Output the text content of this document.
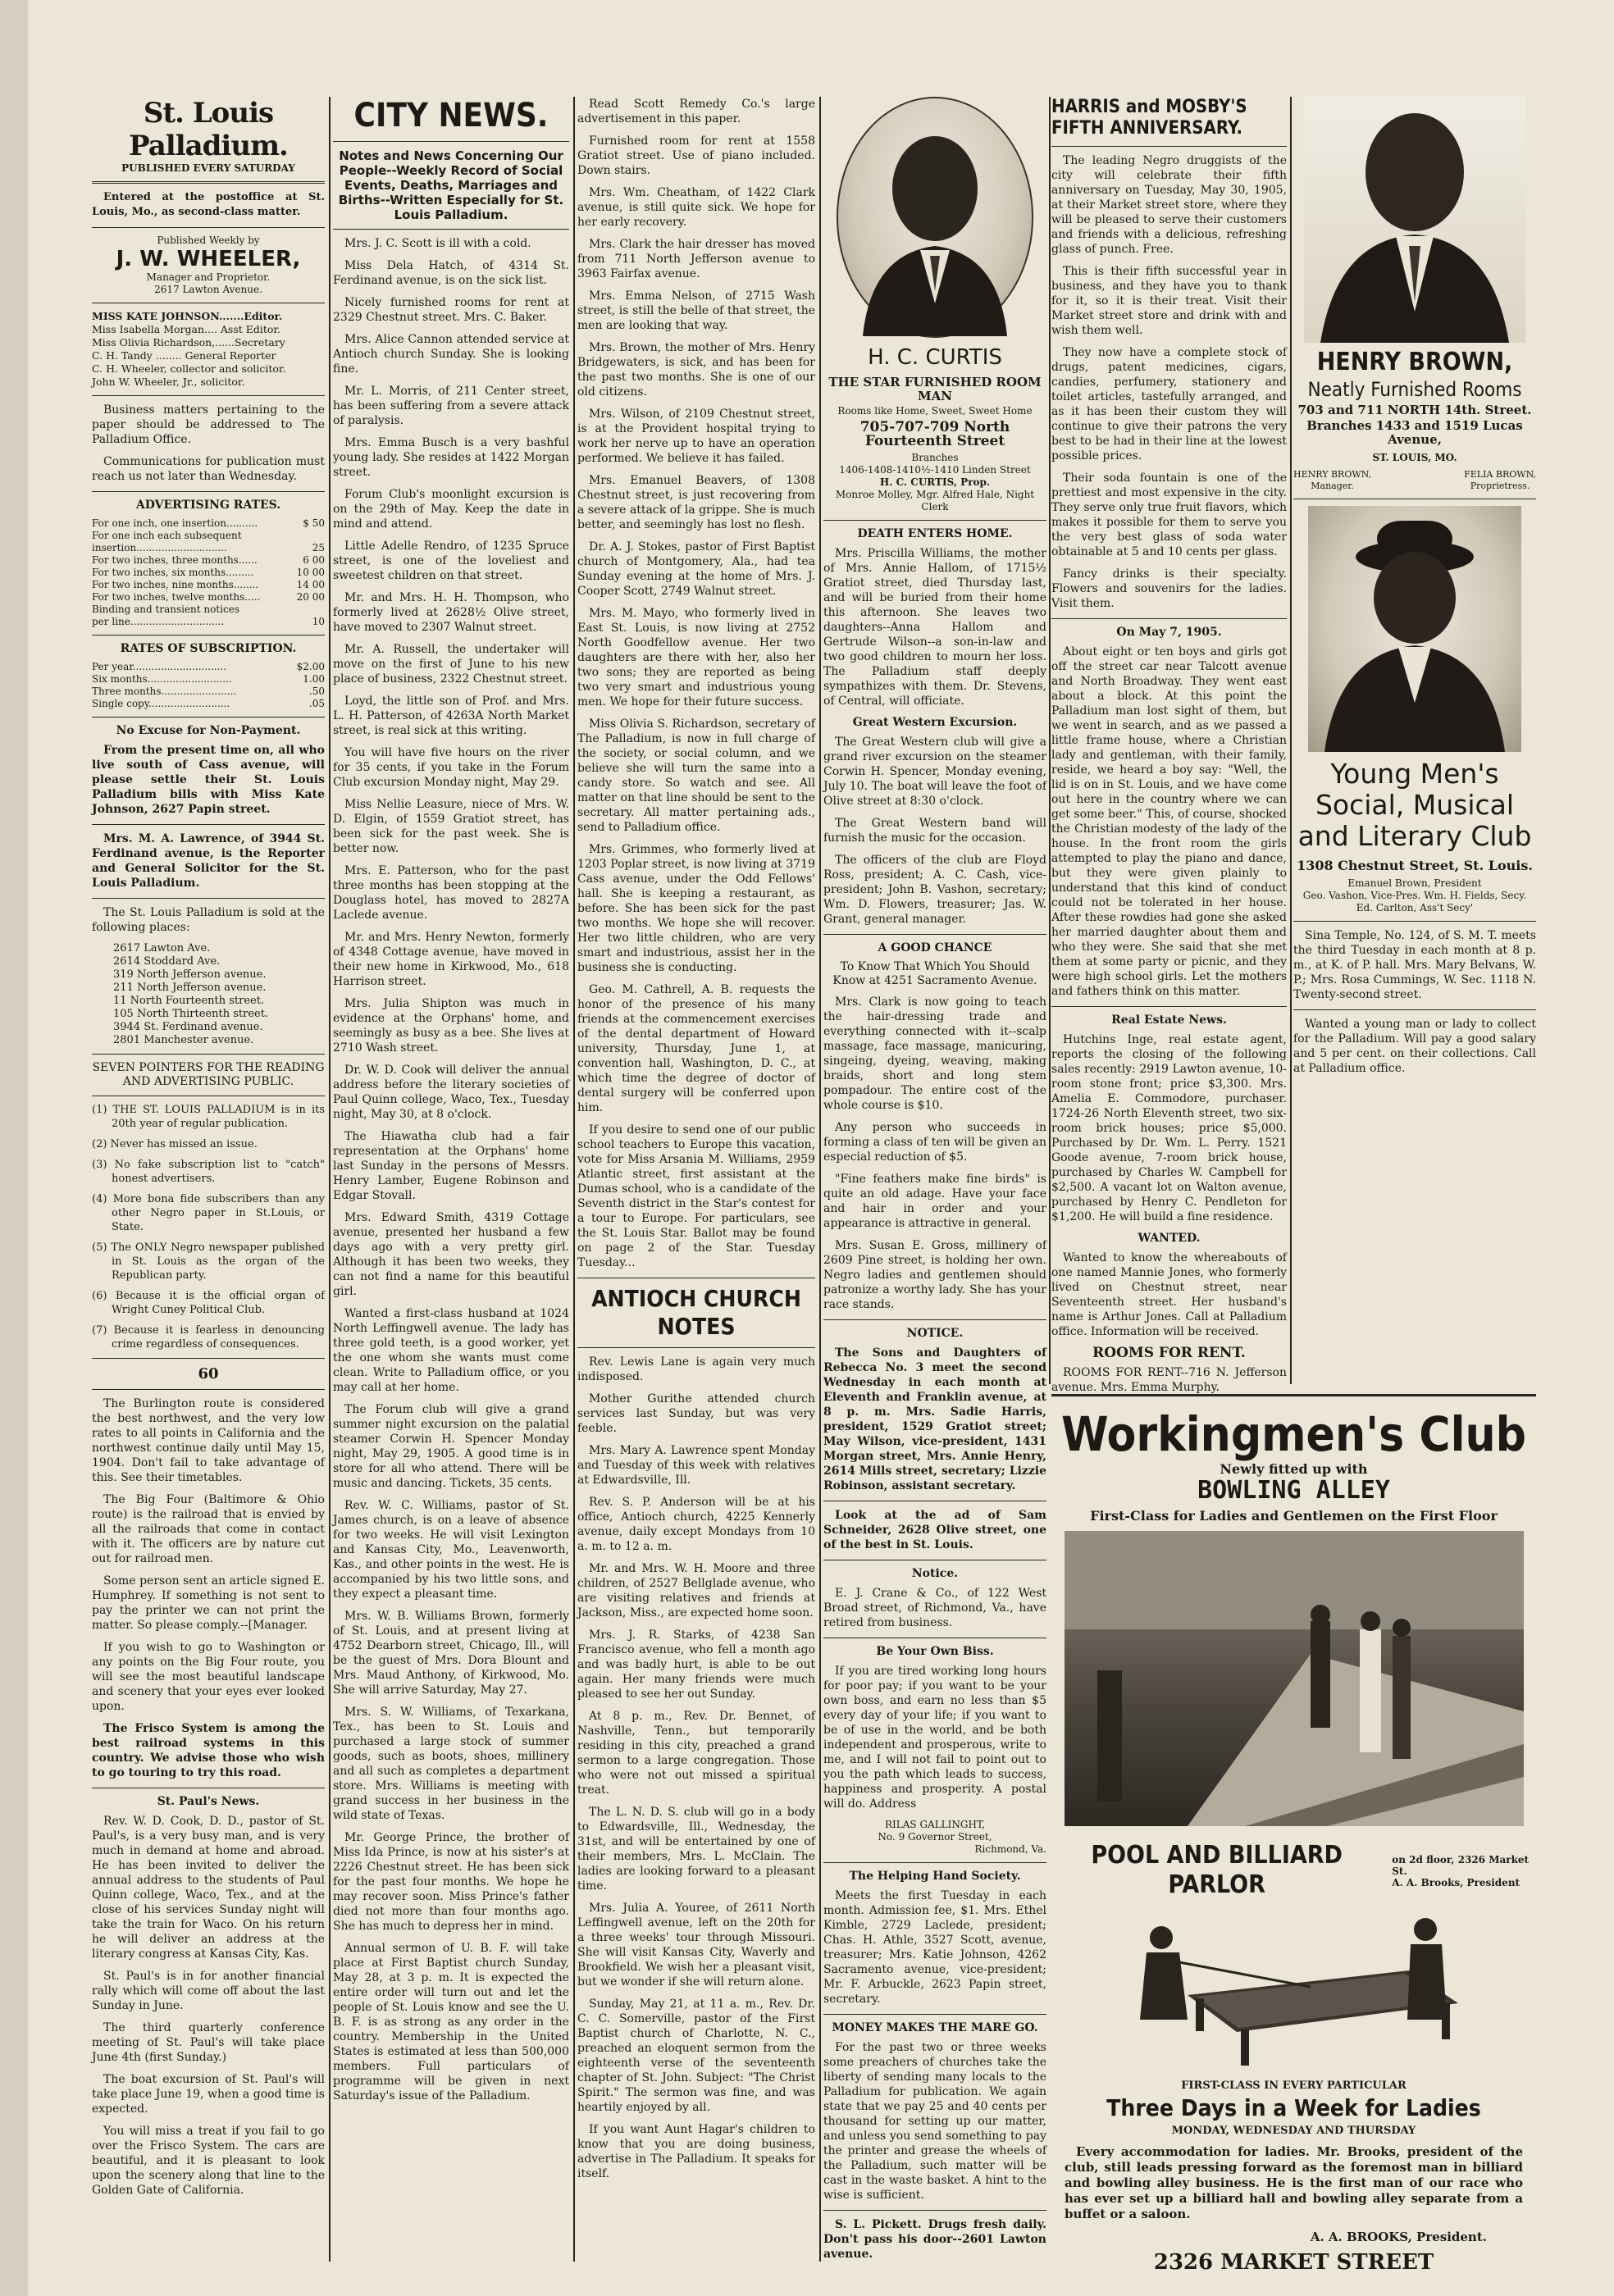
St. Louis Palladium.
PUBLISHED EVERY SATURDAY

Entered at the postoffice at St. Louis, Mo., as second-class matter.

Published Weekly by
J. W. WHEELER,
Manager and Proprietor.
2617 Lawton Avenue.
MISS KATE JOHNSON.......Editor.
Miss Isabella Morgan.... Asst Editor.
Miss Olivia Richardson,......Secretary
C. H. Tandy ........ General Reporter
C. H. Wheeler, collector and solicitor.
John W. Wheeler, Jr., solicitor.

Business matters pertaining to the paper should be addressed to The Palladium Office.

Communications for publication must reach us not later than Wednesday.

ADVERTISING RATES.
For one inch, one insertion..........	$ 50
For one inch each subsequent	
insertion.............................	25
For two inches, three months......	6 00
For two inches, six months.........	10 00
For two inches, nine months........	14 00
For two inches, twelve months.....	20 00
Binding and transient notices	
per line..............................	10
RATES OF SUBSCRIPTION.
Per year..............................	$2.00
Six months...........................	1.00
Three months........................	.50
Single copy..........................	.05
No Excuse for Non-Payment.

From the present time on, all who live south of Cass avenue, will please settle their St. Louis Palladium bills with Miss Kate Johnson, 2627 Papin street.

Mrs. M. A. Lawrence, of 3944 St. Ferdinand avenue, is the Reporter and General Solicitor for the St. Louis Palladium.

The St. Louis Palladium is sold at the following places:

2617 Lawton Ave.
2614 Stoddard Ave.
319 North Jefferson avenue.
211 North Jefferson avenue.
11 North Fourteenth street.
105 North Thirteenth street.
3944 St. Ferdinand avenue.
2801 Manchester avenue.
SEVEN POINTERS FOR THE READING AND ADVERTISING PUBLIC.
(1) THE ST. LOUIS PALLADIUM is in its 20th year of regular publication.
(2) Never has missed an issue.
(3) No fake subscription list to "catch" honest advertisers.
(4) More bona fide subscribers than any other Negro paper in St.Louis, or State.
(5) The ONLY Negro newspaper published in St. Louis as the organ of the Republican party.
(6) Because it is the official organ of Wright Cuney Political Club.
(7) Because it is fearless in denouncing crime regardless of consequences.
60

The Burlington route is considered the best northwest, and the very low rates to all points in California and the northwest continue daily until May 15, 1904. Don't fail to take advantage of this. See their timetables.

The Big Four (Baltimore & Ohio route) is the railroad that is envied by all the railroads that come in contact with it. The officers are by nature cut out for railroad men.

Some person sent an article signed E. Humphrey. If something is not sent to pay the printer we can not print the matter. So please comply.--[Manager.

If you wish to go to Washington or any points on the Big Four route, you will see the most beautiful landscape and scenery that your eyes ever looked upon.

The Frisco System is among the best railroad systems in this country. We advise those who wish to go touring to try this road.

St. Paul's News.

Rev. W. D. Cook, D. D., pastor of St. Paul's, is a very busy man, and is very much in demand at home and abroad. He has been invited to deliver the annual address to the students of Paul Quinn college, Waco, Tex., and at the close of his services Sunday night will take the train for Waco. On his return he will deliver an address at the literary congress at Kansas City, Kas.

St. Paul's is in for another financial rally which will come off about the last Sunday in June.

The third quarterly conference meeting of St. Paul's will take place June 4th (first Sunday.)

The boat excursion of St. Paul's will take place June 19, when a good time is expected.

You will miss a treat if you fail to go over the Frisco System. The cars are beautiful, and it is pleasant to look upon the scenery along that line to the Golden Gate of California.

CITY NEWS.
Notes and News Concerning Our People--Weekly Record of Social Events, Deaths, Marriages and Births--Written Especially for St. Louis Palladium.

Mrs. J. C. Scott is ill with a cold.

Miss Dela Hatch, of 4314 St. Ferdinand avenue, is on the sick list.

Nicely furnished rooms for rent at 2329 Chestnut street. Mrs. C. Baker.

Mrs. Alice Cannon attended service at Antioch church Sunday. She is looking fine.

Mr. L. Morris, of 211 Center street, has been suffering from a severe attack of paralysis.

Mrs. Emma Busch is a very bashful young lady. She resides at 1422 Morgan street.

Forum Club's moonlight excursion is on the 29th of May. Keep the date in mind and attend.

Little Adelle Rendro, of 1235 Spruce street, is one of the loveliest and sweetest children on that street.

Mr. and Mrs. H. H. Thompson, who formerly lived at 2628½ Olive street, have moved to 2307 Walnut street.

Mr. A. Russell, the undertaker will move on the first of June to his new place of business, 2322 Chestnut street.

Loyd, the little son of Prof. and Mrs. L. H. Patterson, of 4263A North Market street, is real sick at this writing.

You will have five hours on the river for 35 cents, if you take in the Forum Club excursion Monday night, May 29.

Miss Nellie Leasure, niece of Mrs. W. D. Elgin, of 1559 Gratiot street, has been sick for the past week. She is better now.

Mrs. E. Patterson, who for the past three months has been stopping at the Douglass hotel, has moved to 2827A Laclede avenue.

Mr. and Mrs. Henry Newton, formerly of 4348 Cottage avenue, have moved in their new home in Kirkwood, Mo., 618 Harrison street.

Mrs. Julia Shipton was much in evidence at the Orphans' home, and seemingly as busy as a bee. She lives at 2710 Wash street.

Dr. W. D. Cook will deliver the annual address before the literary societies of Paul Quinn college, Waco, Tex., Tuesday night, May 30, at 8 o'clock.

The Hiawatha club had a fair representation at the Orphans' home last Sunday in the persons of Messrs. Henry Lamber, Eugene Robinson and Edgar Stovall.

Mrs. Edward Smith, 4319 Cottage avenue, presented her husband a few days ago with a very pretty girl. Although it has been two weeks, they can not find a name for this beautiful girl.

Wanted a first-class husband at 1024 North Leffingwell avenue. The lady has three gold teeth, is a good worker, yet the one whom she wants must come clean. Write to Palladium office, or you may call at her home.

The Forum club will give a grand summer night excursion on the palatial steamer Corwin H. Spencer Monday night, May 29, 1905. A good time is in store for all who attend. There will be music and dancing. Tickets, 35 cents.

Rev. W. C. Williams, pastor of St. James church, is on a leave of absence for two weeks. He will visit Lexington and Kansas City, Mo., Leavenworth, Kas., and other points in the west. He is accompanied by his two little sons, and they expect a pleasant time.

Mrs. W. B. Williams Brown, formerly of St. Louis, and at present living at 4752 Dearborn street, Chicago, Ill., will be the guest of Mrs. Dora Blount and Mrs. Maud Anthony, of Kirkwood, Mo. She will arrive Saturday, May 27.

Mrs. S. W. Williams, of Texarkana, Tex., has been to St. Louis and purchased a large stock of summer goods, such as boots, shoes, millinery and all such as completes a department store. Mrs. Williams is meeting with grand success in her business in the wild state of Texas.

Mr. George Prince, the brother of Miss Ida Prince, is now at his sister's at 2226 Chestnut street. He has been sick for the past four months. We hope he may recover soon. Miss Prince's father died not more than four months ago. She has much to depress her in mind.

Annual sermon of U. B. F. will take place at First Baptist church Sunday, May 28, at 3 p. m. It is expected the entire order will turn out and let the people of St. Louis know and see the U. B. F. is as strong as any order in the country. Membership in the United States is estimated at less than 500,000 members. Full particulars of programme will be given in next Saturday's issue of the Palladium.

Read Scott Remedy Co.'s large advertisement in this paper.

Furnished room for rent at 1558 Gratiot street. Use of piano included. Down stairs.

Mrs. Wm. Cheatham, of 1422 Clark avenue, is still quite sick. We hope for her early recovery.

Mrs. Clark the hair dresser has moved from 711 North Jefferson avenue to 3963 Fairfax avenue.

Mrs. Emma Nelson, of 2715 Wash street, is still the belle of that street, the men are looking that way.

Mrs. Brown, the mother of Mrs. Henry Bridgewaters, is sick, and has been for the past two months. She is one of our old citizens.

Mrs. Wilson, of 2109 Chestnut street, is at the Provident hospital trying to work her nerve up to have an operation performed. We believe it has failed.

Mrs. Emanuel Beavers, of 1308 Chestnut street, is just recovering from a severe attack of la grippe. She is much better, and seemingly has lost no flesh.

Dr. A. J. Stokes, pastor of First Baptist church of Montgomery, Ala., had tea Sunday evening at the home of Mrs. J. Cooper Scott, 2749 Walnut street.

Mrs. M. Mayo, who formerly lived in East St. Louis, is now living at 2752 North Goodfellow avenue. Her two daughters are there with her, also her two sons; they are reported as being two very smart and industrious young men. We hope for their future success.

Miss Olivia S. Richardson, secretary of The Palladium, is now in full charge of the society, or social column, and we believe she will turn the same into a candy store. So watch and see. All matter on that line should be sent to the secretary. All matter pertaining ads., send to Palladium office.

Mrs. Grimmes, who formerly lived at 1203 Poplar street, is now living at 3719 Cass avenue, under the Odd Fellows' hall. She is keeping a restaurant, as before. She has been sick for the past two months. We hope she will recover. Her two little children, who are very smart and industrious, assist her in the business she is conducting.

Geo. M. Cathrell, A. B. requests the honor of the presence of his many friends at the commencement exercises of the dental department of Howard university, Thursday, June 1, at convention hall, Washington, D. C., at which time the degree of doctor of dental surgery will be conferred upon him.

If you desire to send one of our public school teachers to Europe this vacation, vote for Miss Arsania M. Williams, 2959 Atlantic street, first assistant at the Dumas school, who is a candidate of the Seventh district in the Star's contest for a tour to Europe. For particulars, see the St. Louis Star. Ballot may be found on page 2 of the Star. Tuesday Tuesday...

ANTIOCH CHURCH NOTES

Rev. Lewis Lane is again very much indisposed.

Mother Gurithe attended church services last Sunday, but was very feeble.

Mrs. Mary A. Lawrence spent Monday and Tuesday of this week with relatives at Edwardsville, Ill.

Rev. S. P. Anderson will be at his office, Antioch church, 4225 Kennerly avenue, daily except Mondays from 10 a. m. to 12 a. m.

Mr. and Mrs. W. H. Moore and three children, of 2527 Bellglade avenue, who are visiting relatives and friends at Jackson, Miss., are expected home soon.

Mrs. J. R. Starks, of 4238 San Francisco avenue, who fell a month ago and was badly hurt, is able to be out again. Her many friends were much pleased to see her out Sunday.

At 8 p. m., Rev. Dr. Bennet, of Nashville, Tenn., but temporarily residing in this city, preached a grand sermon to a large congregation. Those who were not out missed a spiritual treat.

The L. N. D. S. club will go in a body to Edwardsville, Ill., Wednesday, the 31st, and will be entertained by one of their members, Mrs. L. McClain. The ladies are looking forward to a pleasant time.

Mrs. Julia A. Youree, of 2611 North Leffingwell avenue, left on the 20th for a three weeks' tour through Missouri. She will visit Kansas City, Waverly and Brookfield. We wish her a pleasant visit, but we wonder if she will return alone.

Sunday, May 21, at 11 a. m., Rev. Dr. C. C. Somerville, pastor of the First Baptist church of Charlotte, N. C., preached an eloquent sermon from the eighteenth verse of the seventeenth chapter of St. John. Subject: "The Christ Spirit." The sermon was fine, and was heartily enjoyed by all.

If you want Aunt Hagar's children to know that you are doing business, advertise in The Palladium. It speaks for itself.

H. C. CURTIS
THE STAR FURNISHED ROOM MAN
Rooms like Home, Sweet, Sweet Home
705-707-709 North Fourteenth Street
Branches
1406-1408-1410½-1410 Linden Street
H. C. CURTIS, Prop.
Monroe Molley, Mgr. Alfred Hale, Night Clerk
DEATH ENTERS HOME.

Mrs. Priscilla Williams, the mother of Mrs. Annie Hallom, of 1715½ Gratiot street, died Thursday last, and will be buried from their home this afternoon. She leaves two daughters--Anna Hallom and Gertrude Wilson--a son-in-law and two good children to mourn her loss. The Palladium staff deeply sympathizes with them. Dr. Stevens, of Central, will officiate.

Great Western Excursion.

The Great Western club will give a grand river excursion on the steamer Corwin H. Spencer, Monday evening, July 10. The boat will leave the foot of Olive street at 8:30 o'clock.

The Great Western band will furnish the music for the occasion.

The officers of the club are Floyd Ross, president; A. C. Cash, vice-president; John B. Vashon, secretary; Wm. D. Flowers, treasurer; Jas. W. Grant, general manager.

A GOOD CHANCE
To Know That Which You Should Know at 4251 Sacramento Avenue.

Mrs. Clark is now going to teach the hair-dressing trade and everything connected with it--scalp massage, face massage, manicuring, singeing, dyeing, weaving, making braids, short and long stem pompadour. The entire cost of the whole course is $10.

Any person who succeeds in forming a class of ten will be given an especial reduction of $5.

"Fine feathers make fine birds" is quite an old adage. Have your face and hair in order and your appearance is attractive in general.

Mrs. Susan E. Gross, millinery of 2609 Pine street, is holding her own. Negro ladies and gentlemen should patronize a worthy lady. She has your race stands.

NOTICE.

The Sons and Daughters of Rebecca No. 3 meet the second Wednesday in each month at Eleventh and Franklin avenue, at 8 p. m. Mrs. Sadie Harris, president, 1529 Gratiot street; May Wilson, vice-president, 1431 Morgan street, Mrs. Annie Henry, 2614 Mills street, secretary; Lizzie Robinson, assistant secretary.

Look at the ad of Sam Schneider, 2628 Olive street, one of the best in St. Louis.

Notice.

E. J. Crane & Co., of 122 West Broad street, of Richmond, Va., have retired from business.

Be Your Own Biss.

If you are tired working long hours for poor pay; if you want to be your own boss, and earn no less than $5 every day of your life; if you want to be of use in the world, and be both independent and prosperous, write to me, and I will not fail to point out to you the path which leads to success, happiness and prosperity. A postal will do. Address

RILAS GALLINGHT,
No. 9 Governor Street,
Richmond, Va.
The Helping Hand Society.

Meets the first Tuesday in each month. Admission fee, $1. Mrs. Ethel Kimble, 2729 Laclede, president; Chas. H. Athle, 3527 Scott, avenue, treasurer; Mrs. Katie Johnson, 4262 Sacramento avenue, vice-president; Mr. F. Arbuckle, 2623 Papin street, secretary.

MONEY MAKES THE MARE GO.

For the past two or three weeks some preachers of churches take the liberty of sending many locals to the Palladium for publication. We again state that we pay 25 and 40 cents per thousand for setting up our matter, and unless you send something to pay the printer and grease the wheels of the Palladium, such matter will be cast in the waste basket. A hint to the wise is sufficient.

S. L. Pickett. Drugs fresh daily. Don't pass his door--2601 Lawton avenue.

HARRIS and MOSBY'S FIFTH ANNIVERSARY.

The leading Negro druggists of the city will celebrate their fifth anniversary on Tuesday, May 30, 1905, at their Market street store, where they will be pleased to serve their customers and friends with a delicious, refreshing glass of punch. Free.

This is their fifth successful year in business, and they have you to thank for it, so it is their treat. Visit their Market street store and drink with and wish them well.

They now have a complete stock of drugs, patent medicines, cigars, candies, perfumery, stationery and toilet articles, tastefully arranged, and as it has been their custom they will continue to give their patrons the very best to be had in their line at the lowest possible prices.

Their soda fountain is one of the prettiest and most expensive in the city. They serve only true fruit flavors, which makes it possible for them to serve you the very best glass of soda water obtainable at 5 and 10 cents per glass.

Fancy drinks is their specialty. Flowers and souvenirs for the ladies. Visit them.

On May 7, 1905.

About eight or ten boys and girls got off the street car near Talcott avenue and North Broadway. They went east about a block. At this point the Palladium man lost sight of them, but we went in search, and as we passed a little frame house, where a Christian lady and gentleman, with their family, reside, we heard a boy say: "Well, the lid is on in St. Louis, and we have come out here in the country where we can get some beer." This, of course, shocked the Christian modesty of the lady of the house. In the front room the girls attempted to play the piano and dance, but they were given plainly to understand that this kind of conduct could not be tolerated in her house. After these rowdies had gone she asked her married daughter about them and who they were. She said that she met them at some party or picnic, and they were high school girls. Let the mothers and fathers think on this matter.

Real Estate News.

Hutchins Inge, real estate agent, reports the closing of the following sales recently: 2919 Lawton avenue, 10-room stone front; price $3,300. Mrs. Amelia E. Commodore, purchaser. 1724-26 North Eleventh street, two six-room brick houses; price $5,000. Purchased by Dr. Wm. L. Perry. 1521 Goode avenue, 7-room brick house, purchased by Charles W. Campbell for $2,500. A vacant lot on Walton avenue, purchased by Henry C. Pendleton for $1,200. He will build a fine residence.

WANTED.

Wanted to know the whereabouts of one named Mannie Jones, who formerly lived on Chestnut street, near Seventeenth street. Her husband's name is Arthur Jones. Call at Palladium office. Information will be received.

ROOMS FOR RENT.

ROOMS FOR RENT--716 N. Jefferson avenue. Mrs. Emma Murphy.

HENRY BROWN,
Neatly Furnished Rooms
703 and 711 NORTH 14th. Street.
Branches 1433 and 1519 Lucas Avenue,
ST. LOUIS, MO.
HENRY BROWN,
Manager.
FELIA BROWN,
Proprietress.
Young Men's Social, Musical and Literary Club
1308 Chestnut Street, St. Louis.
Emanuel Brown, President
Geo. Vashon, Vice-Pres. Wm. H. Fields, Secy.
Ed. Carlton, Ass't Secy'

Sina Temple, No. 124, of S. M. T. meets the third Tuesday in each month at 8 p. m., at K. of P. hall. Mrs. Mary Belvans, W. P.; Mrs. Rosa Cummings, W. Sec. 1118 N. Twenty-second street.

Wanted a young man or lady to collect for the Palladium. Will pay a good salary and 5 per cent. on their collections. Call at Palladium office.

Workingmen's Club
Newly fitted up with
BOWLING ALLEY
First-Class for Ladies and Gentlemen on the First Floor
POOL AND BILLIARD PARLOR
on 2d floor, 2326 Market St.
A. A. Brooks, President
FIRST-CLASS IN EVERY PARTICULAR
Three Days in a Week for Ladies
MONDAY, WEDNESDAY AND THURSDAY

Every accommodation for ladies. Mr. Brooks, president of the club, still leads pressing forward as the foremost man in billiard and bowling alley business. He is the first man of our race who has ever set up a billiard hall and bowling alley separate from a buffet or a saloon.

A. A. BROOKS, President.
2326 MARKET STREET
